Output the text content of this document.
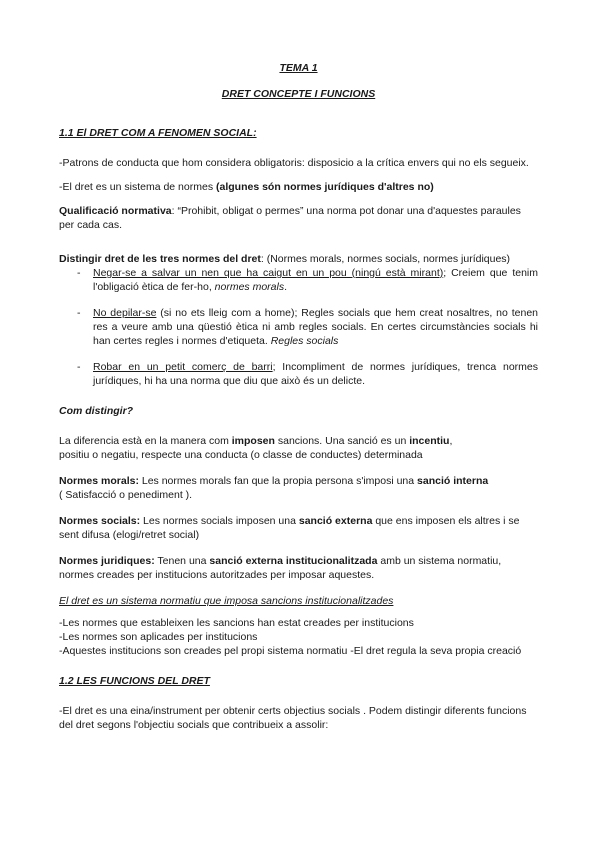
TEMA 1

DRET CONCEPTE I FUNCIONS

1.1 El DRET COM A FENOMEN SOCIAL:

-Patrons de conducta que hom considera obligatoris: disposicio a la crítica envers qui no els segueix.

-El dret es un sistema de normes (algunes són normes jurídiques d'altres no)

Qualificació normativa: “Prohibit, obligat o permes” una norma pot donar una d'aquestes paraules per cada cas.

Distingir dret de les tres normes del dret: (Normes morals, normes socials, normes jurídiques)

- Negar-se a salvar un nen que ha caigut en un pou (ningú està mirant); Creiem que tenim l'obligació ètica de fer-ho, normes morals.
- No depilar-se (si no ets lleig com a home); Regles socials que hem creat nosaltres, no tenen res a veure amb una qüestió ètica ni amb regles socials. En certes circumstàncies socials hi han certes regles i normes d'etiqueta. Regles socials
- Robar en un petit comerç de barri; Incompliment de normes jurídiques, trenca normes jurídiques, hi ha una norma que diu que això és un delicte.

Com distingir?

La diferencia està en la manera com imposen sancions. Una sanció es un incentiu,
positiu o negatiu, respecte una conducta (o classe de conductes) determinada

Normes morals: Les normes morals fan que la propia persona s'imposi una sanció interna
( Satisfacció o penediment ).

Normes socials: Les normes socials imposen una sanció externa que ens imposen els altres i se sent difusa (elogi/retret social)

Normes juridiques: Tenen una sanció externa institucionalitzada amb un sistema normatiu,
normes creades per institucions autoritzades per imposar aquestes.

El dret es un sistema normatiu que imposa sancions institucionalitzades

-Les normes que estableixen les sancions han estat creades per institucions

-Les normes son aplicades per institucions

-Aquestes institucions son creades pel propi sistema normatiu -El dret regula la seva propia creació

1.2 LES FUNCIONS DEL DRET

-El dret es una eina/instrument per obtenir certs objectius socials . Podem distingir diferents funcions del dret segons l'objectiu socials que contribueix a assolir:
